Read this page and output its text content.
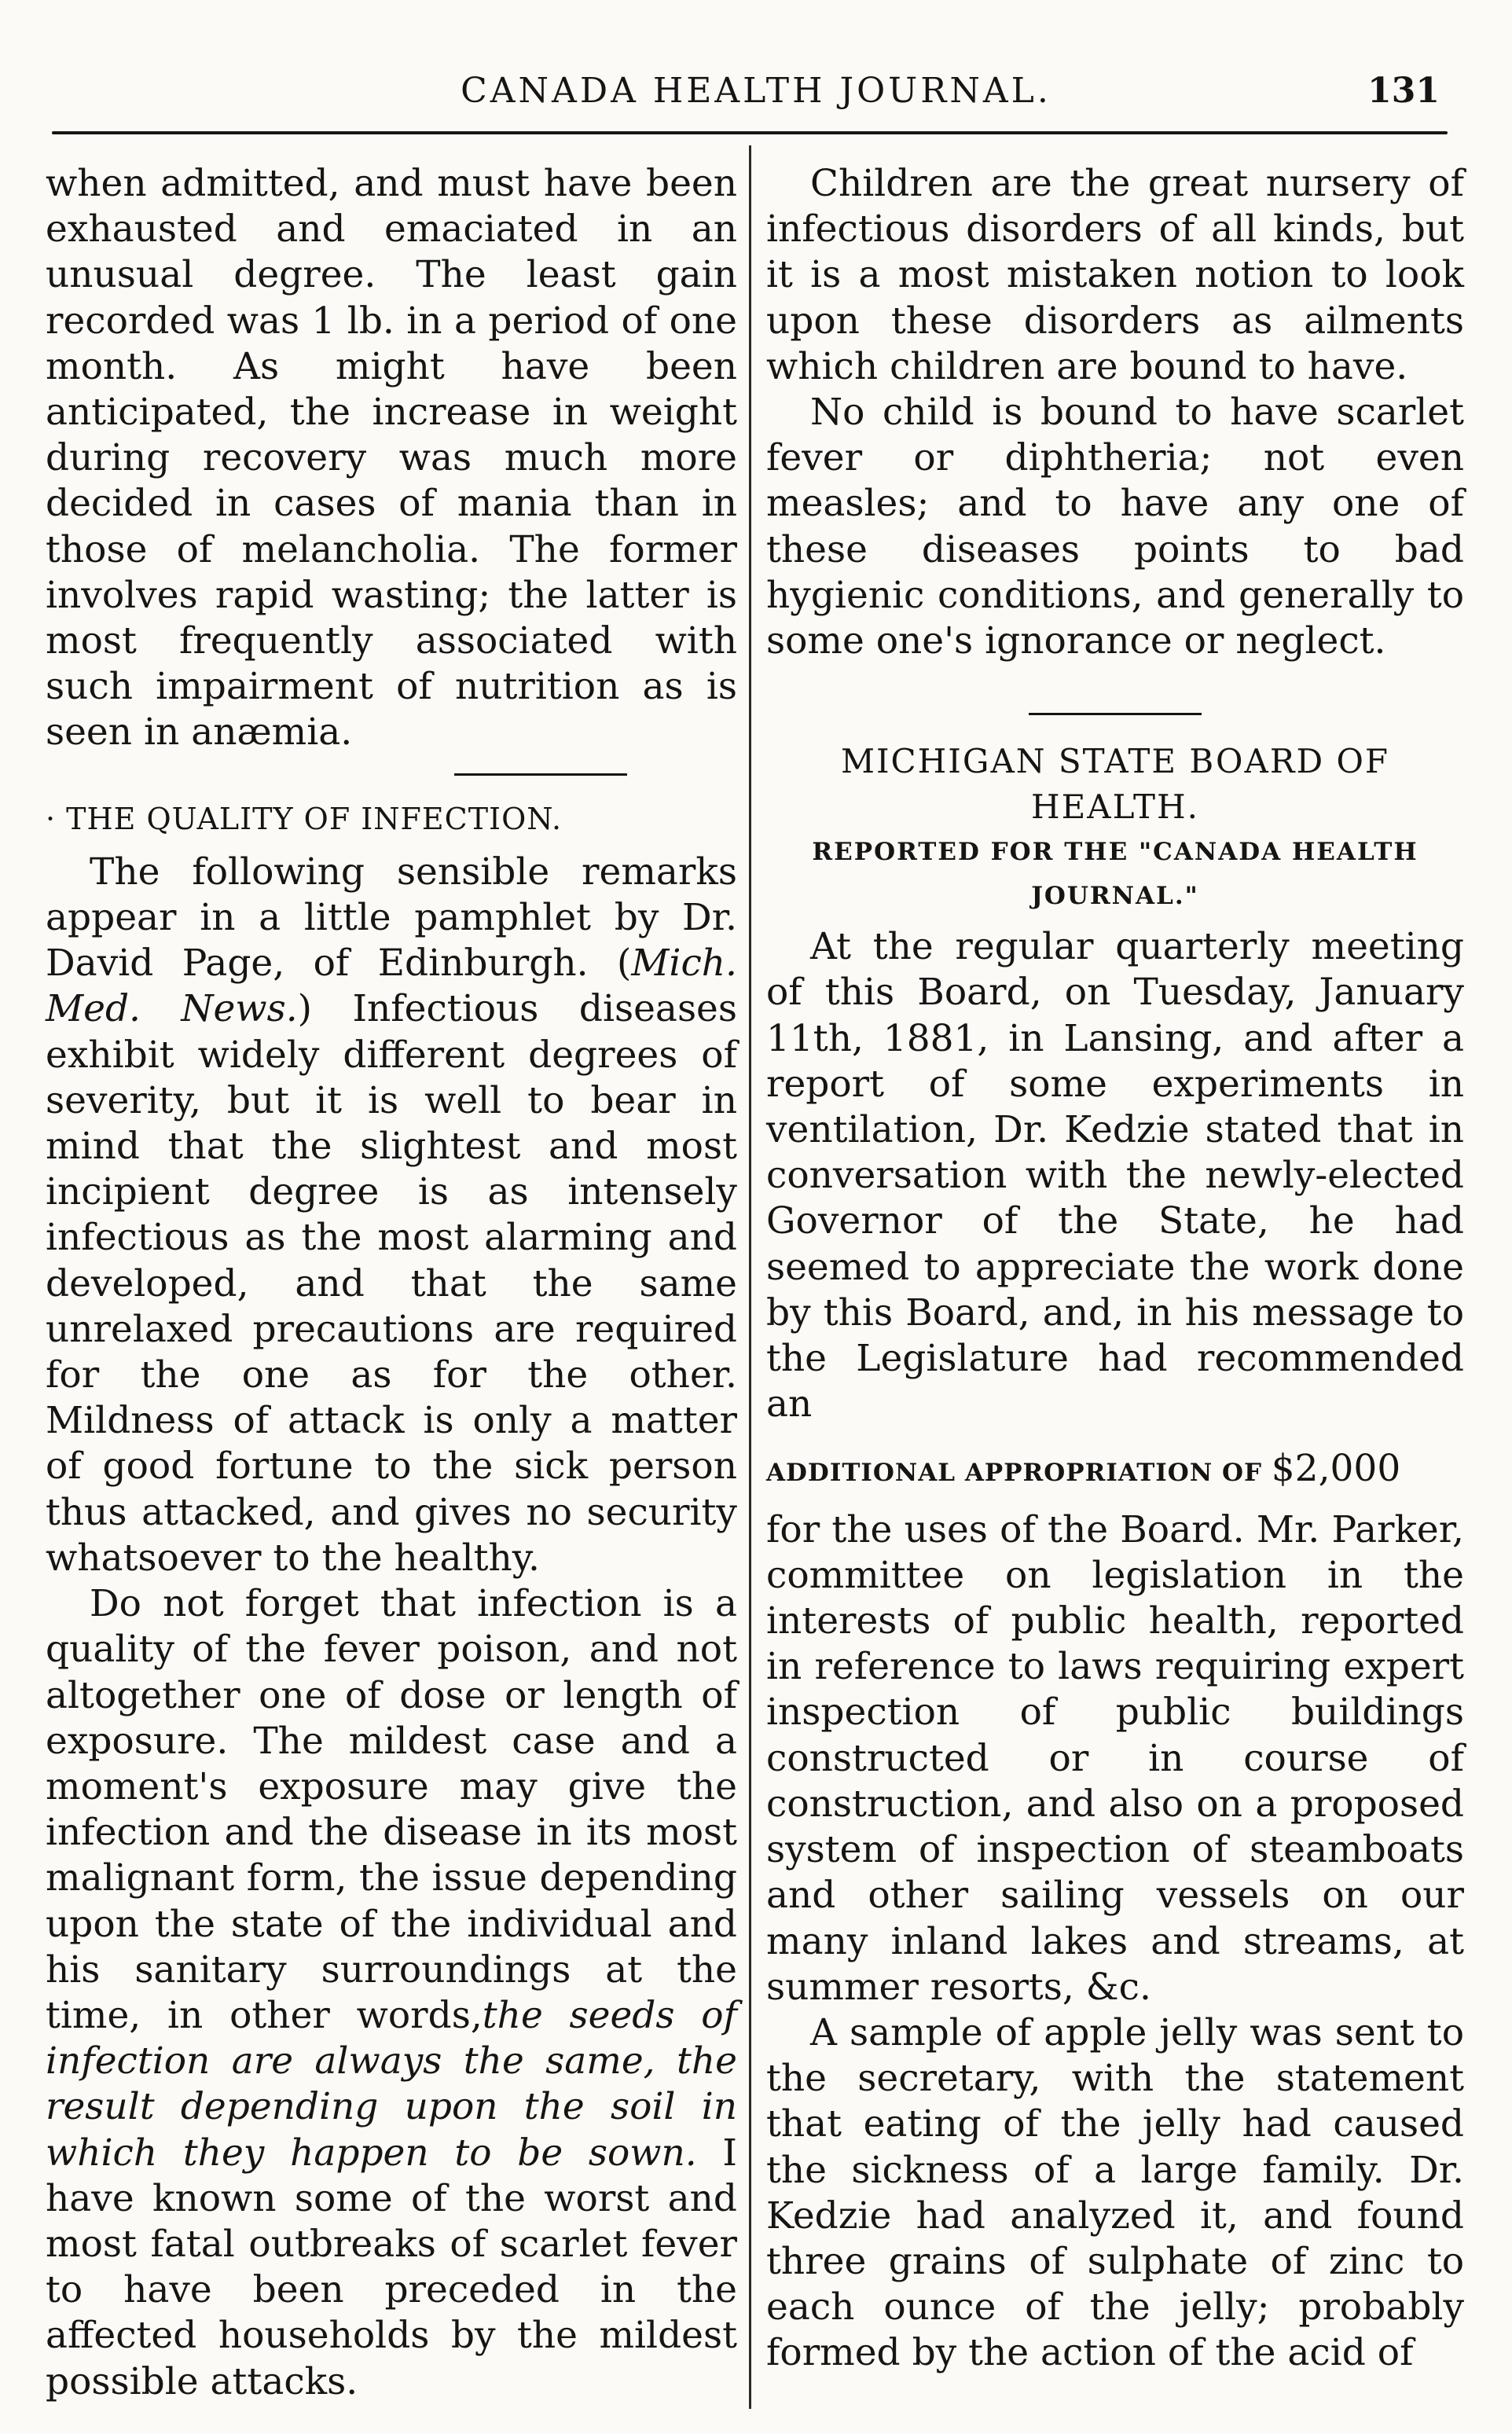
CANADA HEALTH JOURNAL.	131

when admitted, and must have been exhausted and emaciated in an unusual degree. The least gain recorded was 1 lb. in a period of one month. As might have been anticipated, the increase in weight during recovery was much more decided in cases of mania than in those of melancholia. The former involves rapid wasting; the latter is most frequently associated with such impairment of nutrition as is seen in anæmia.

· THE QUALITY OF INFECTION.

The following sensible remarks appear in a little pamphlet by Dr. David Page, of Edinburgh. (Mich. Med. News.) Infectious diseases exhibit widely different degrees of severity, but it is well to bear in mind that the slightest and most incipient degree is as intensely infectious as the most alarming and developed, and that the same unrelaxed precautions are required for the one as for the other. Mildness of attack is only a matter of good fortune to the sick person thus attacked, and gives no security whatsoever to the healthy.

Do not forget that infection is a quality of the fever poison, and not altogether one of dose or length of exposure. The mildest case and a moment's exposure may give the infection and the disease in its most malignant form, the issue depending upon the state of the individual and his sanitary surroundings at the time, in other words,the seeds of infection are always the same, the result depending upon the soil in which they happen to be sown. I have known some of the worst and most fatal outbreaks of scarlet fever to have been preceded in the affected households by the mildest possible attacks.

Children are the great nursery of infectious disorders of all kinds, but it is a most mistaken notion to look upon these disorders as ailments which children are bound to have.

No child is bound to have scarlet fever or diphtheria; not even measles; and to have any one of these diseases points to bad hygienic conditions, and generally to some one's ignorance or neglect.

MICHIGAN STATE BOARD OF HEALTH.
REPORTED FOR THE "CANADA HEALTH JOURNAL."

At the regular quarterly meeting of this Board, on Tuesday, January 11th, 1881, in Lansing, and after a report of some experiments in ventilation, Dr. Kedzie stated that in conversation with the newly-elected Governor of the State, he had seemed to appreciate the work done by this Board, and, in his message to the Legislature had recommended an

ADDITIONAL APPROPRIATION OF $2,000

for the uses of the Board. Mr. Parker, committee on legislation in the interests of public health, reported in reference to laws requiring expert inspection of public buildings constructed or in course of construction, and also on a proposed system of inspection of steamboats and other sailing vessels on our many inland lakes and streams, at summer resorts, &c.

A sample of apple jelly was sent to the secretary, with the statement that eating of the jelly had caused the sickness of a large family. Dr. Kedzie had analyzed it, and found three grains of sulphate of zinc to each ounce of the jelly; probably formed by the action of the acid of
